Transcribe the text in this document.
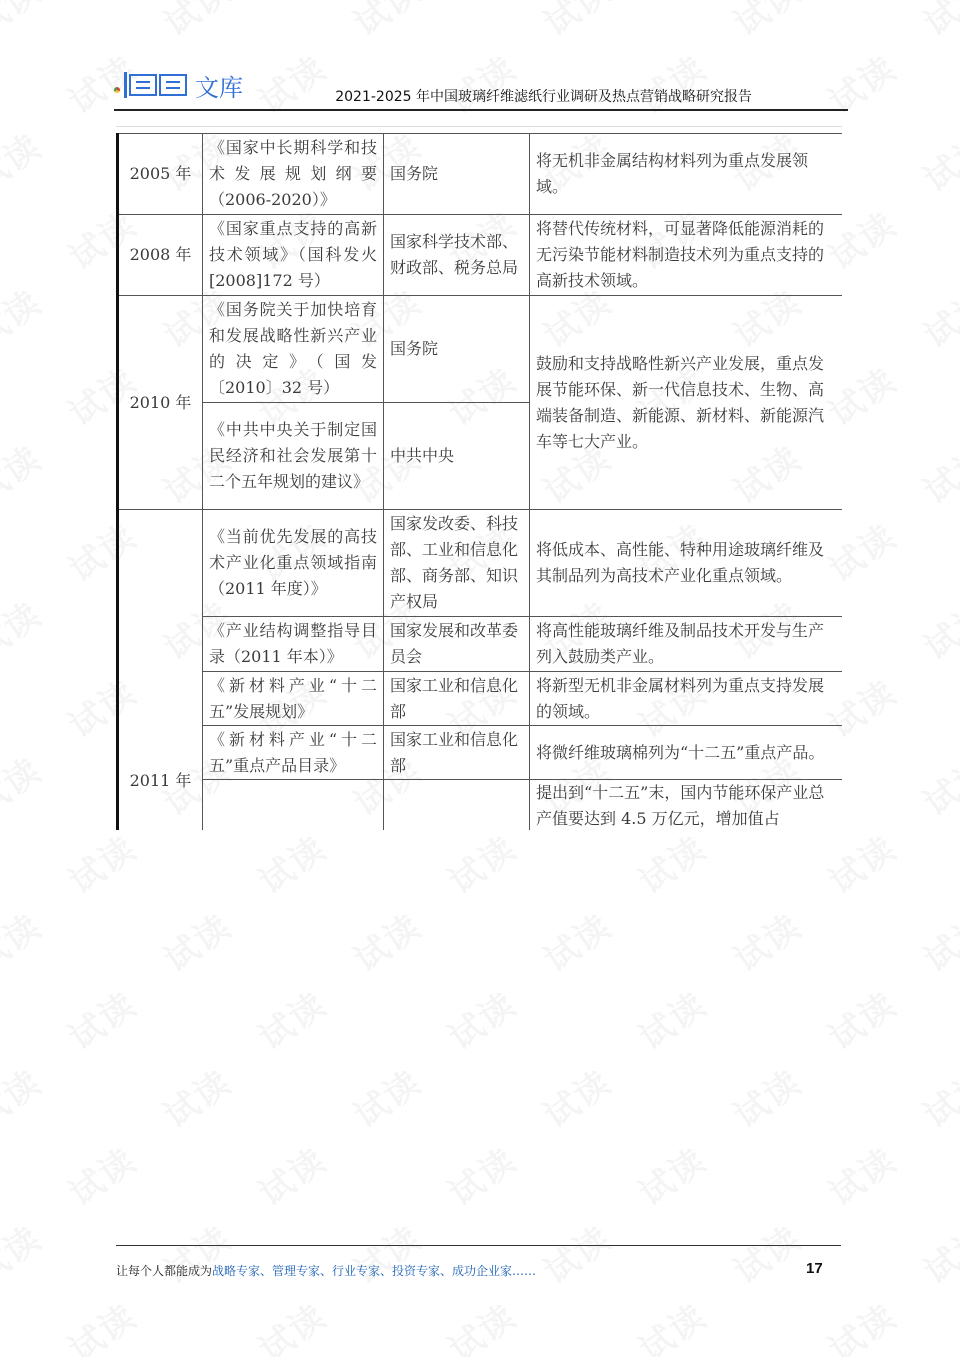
文库	2021-2025 年中国玻璃纤维滤纸行业调研及热点营销战略研究报告
2005 年	《国家中长期科学和技术发展规划纲要（2006-2020）》	国务院	将无机非金属结构材料列为重点发展领域。
2008 年	《国家重点支持的高新技术领域》（国科发火[2008]172 号）	国家科学技术部、财政部、税务总局	将替代传统材料，可显著降低能源消耗的无污染节能材料制造技术列为重点支持的高新技术领域。
2010 年	《国务院关于加快培育和发展战略性新兴产业的决定》（国发〔2010〕32 号）	国务院	鼓励和支持战略性新兴产业发展，重点发展节能环保、新一代信息技术、生物、高端装备制造、新能源、新材料、新能源汽车等七大产业。
	《中共中央关于制定国民经济和社会发展第十二个五年规划的建议》	中共中央	
2011 年	《当前优先发展的高技术产业化重点领域指南（2011 年度）》	国家发改委、科技部、工业和信息化部、商务部、知识产权局	将低成本、高性能、特种用途玻璃纤维及其制品列为高技术产业化重点领域。
	《产业结构调整指导目录（2011 年本）》	国家发展和改革委员会	将高性能玻璃纤维及制品技术开发与生产列入鼓励类产业。
	《新材料产业“十二五”发展规划》	国家工业和信息化部	将新型无机非金属材料列为重点支持发展的领域。
	《新材料产业“十二五”重点产品目录》	国家工业和信息化部	将微纤维玻璃棉列为“十二五”重点产品。
			提出到“十二五”末，国内节能环保产业总产值要达到 4.5 万亿元，增加值占
让每个人都能成为战略专家、管理专家、行业专家、投资专家、成功企业家……	17
